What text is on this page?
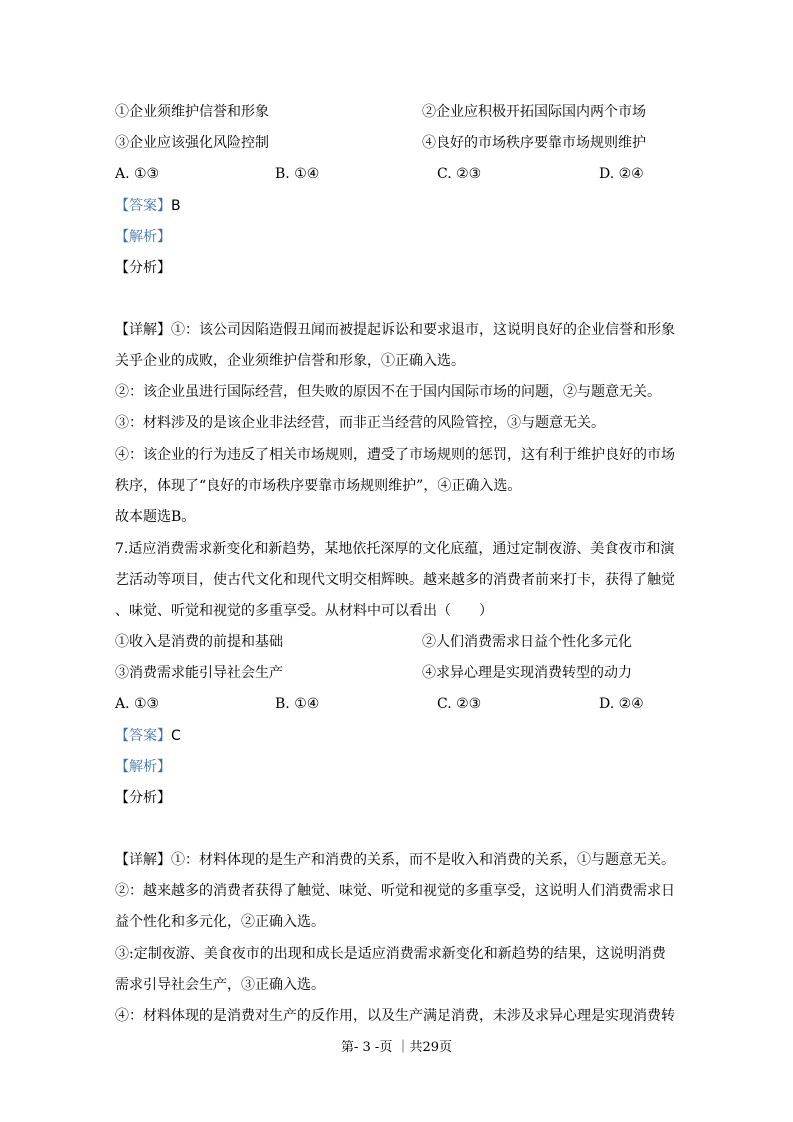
①企业须维护信誉和形象	②企业应积极开拓国际国内两个市场
③企业应该强化风险控制	④良好的市场秩序要靠市场规则维护
A. ①③	B. ①④	C. ②③	D. ②④
【答案】B
【解析】
【分析】
【详解】①：该公司因陷造假丑闻而被提起诉讼和要求退市，这说明良好的企业信誉和形象
关乎企业的成败，企业须维护信誉和形象，①正确入选。
②：该企业虽进行国际经营，但失败的原因不在于国内国际市场的问题，②与题意无关。
③：材料涉及的是该企业非法经营，而非正当经营的风险管控，③与题意无关。
④：该企业的行为违反了相关市场规则，遭受了市场规则的惩罚，这有利于维护良好的市场
秩序，体现了“良好的市场秩序要靠市场规则维护”，④正确入选。
故本题选B。
7.适应消费需求新变化和新趋势，某地依托深厚的文化底蕴，通过定制夜游、美食夜市和演
艺活动等项目，使古代文化和现代文明交相辉映。越来越多的消费者前来打卡，获得了触觉
、味觉、听觉和视觉的多重享受。从材料中可以看出（　　）
①收入是消费的前提和基础	②人们消费需求日益个性化多元化
③消费需求能引导社会生产	④求异心理是实现消费转型的动力
A. ①③	B. ①④	C. ②③	D. ②④
【答案】C
【解析】
【分析】
【详解】①：材料体现的是生产和消费的关系，而不是收入和消费的关系，①与题意无关。
②：越来越多的消费者获得了触觉、味觉、听觉和视觉的多重享受，这说明人们消费需求日
益个性化和多元化，②正确入选。
③:定制夜游、美食夜市的出现和成长是适应消费需求新变化和新趋势的结果，这说明消费
需求引导社会生产，③正确入选。
④：材料体现的是消费对生产的反作用，以及生产满足消费，未涉及求异心理是实现消费转
第- 3 -页 ｜共29页
